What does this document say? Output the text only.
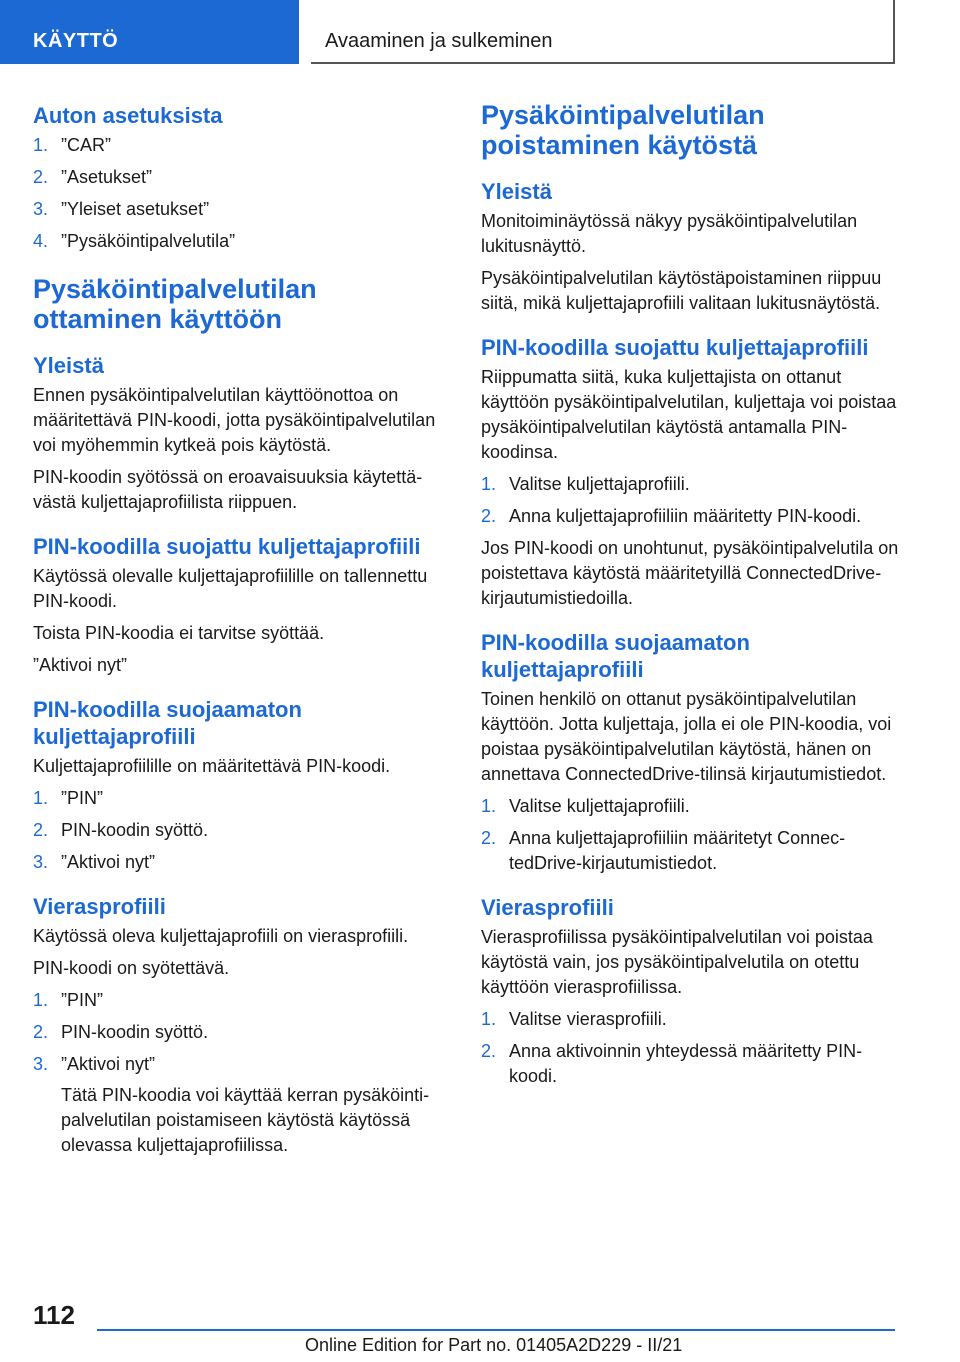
KÄYTTÖ	Avaaminen ja sulkeminen
Auton asetuksista
1. ”CAR”
2. ”Asetukset”
3. ”Yleiset asetukset”
4. ”Pysäköintipalvelutila”
Pysäköintipalvelutilan ottaminen käyttöön
Yleistä

Ennen pysäköintipalvelutilan käyttöönottoa on määritettävä PIN-koodi, jotta pysäköintipalvelutilan voi myöhemmin kytkeä pois käytöstä.

PIN-koodin syötössä on eroavaisuuksia käytettävästä kuljettajaprofiilista riippuen.

PIN-koodilla suojattu kuljettajaprofiili

Käytössä olevalle kuljettajaprofiilille on tallennettu PIN-koodi.

Toista PIN-koodia ei tarvitse syöttää.

”Aktivoi nyt”

PIN-koodilla suojaamaton kuljettajaprofiili

Kuljettajaprofiilille on määritettävä PIN-koodi.

1. ”PIN”
2. PIN-koodin syöttö.
3. ”Aktivoi nyt”
Vierasprofiili

Käytössä oleva kuljettajaprofiili on vierasprofiili.

PIN-koodi on syötettävä.

1. ”PIN”
2. PIN-koodin syöttö.
3. ”Aktivoi nyt”
Tätä PIN-koodia voi käyttää kerran pysäköintipalvelutilan poistamiseen käytöstä käytössä olevassa kuljettajaprofiilissa.
Pysäköintipalvelutilan poistaminen käytöstä
Yleistä

Monitoiminäytössä näkyy pysäköintipalvelutilan lukitusnäyttö.

Pysäköintipalvelutilan käytöstäpoistaminen riippuu siitä, mikä kuljettajaprofiili valitaan lukitusnäytöstä.

PIN-koodilla suojattu kuljettajaprofiili

Riippumatta siitä, kuka kuljettajista on ottanut käyttöön pysäköintipalvelutilan, kuljettaja voi poistaa pysäköintipalvelutilan käytöstä antamalla PIN-koodinsa.

1. Valitse kuljettajaprofiili.
2. Anna kuljettajaprofiiliin määritetty PIN-koodi.

Jos PIN-koodi on unohtunut, pysäköintipalvelutila on poistettava käytöstä määritetyillä ConnectedDrive-kirjautumistiedoilla.

PIN-koodilla suojaamaton kuljettajaprofiili

Toinen henkilö on ottanut pysäköintipalvelutilan käyttöön. Jotta kuljettaja, jolla ei ole PIN-koodia, voi poistaa pysäköintipalvelutilan käytöstä, hänen on annettava ConnectedDrive-tilinsä kirjautumistiedot.

1. Valitse kuljettajaprofiili.
2. Anna kuljettajaprofiiliin määritetyt ConnectedDrive-kirjautumistiedot.
Vierasprofiili

Vierasprofiilissa pysäköintipalvelutilan voi poistaa käytöstä vain, jos pysäköintipalvelutila on otettu käyttöön vierasprofiilissa.

1. Valitse vierasprofiili.
2. Anna aktivoinnin yhteydessä määritetty PIN-koodi.
112
Online Edition for Part no. 01405A2D229 - II/21
